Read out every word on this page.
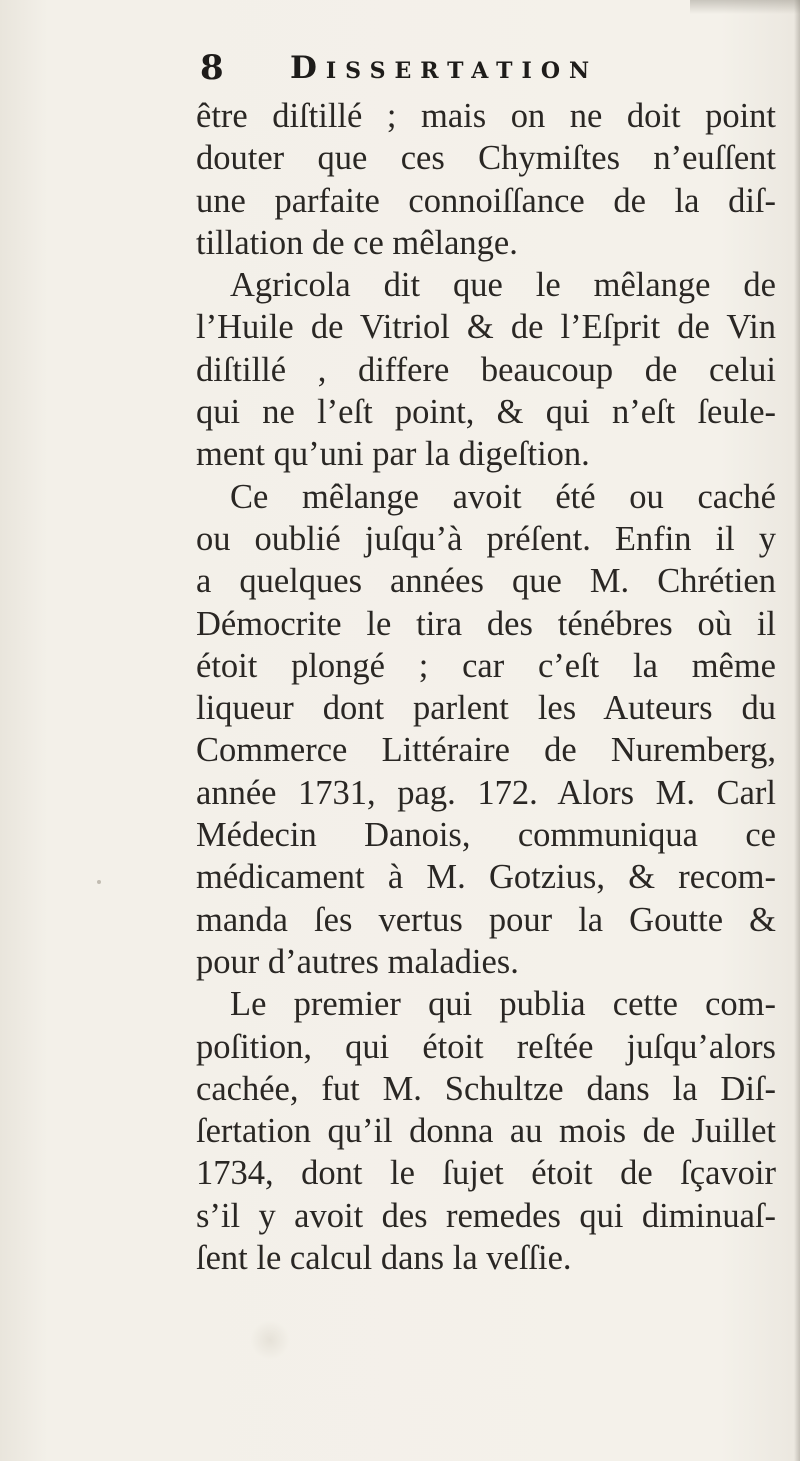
8 Dissertation
être diſtillé ; mais on ne doit point
douter que ces Chymiſtes n’euſſent
une parfaite connoiſſance de la diſ-
tillation de ce mêlange.
Agricola dit que le mêlange de
l’Huile de Vitriol & de l’Eſprit de Vin
diſtillé , differe beaucoup de celui
qui ne l’eſt point, & qui n’eſt ſeule-
ment qu’uni par la digeſtion.
Ce mêlange avoit été ou caché
ou oublié juſqu’à préſent. Enfin il y
a quelques années que M. Chrétien
Démocrite le tira des ténébres où il
étoit plongé ; car c’eſt la même
liqueur dont parlent les Auteurs du
Commerce Littéraire de Nuremberg,
année 1731, pag. 172. Alors M. Carl
Médecin Danois, communiqua ce
médicament à M. Gotzius, & recom-
manda ſes vertus pour la Goutte &
pour d’autres maladies.
Le premier qui publia cette com-
poſition, qui étoit reſtée juſqu’alors
cachée, fut M. Schultze dans la Diſ-
ſertation qu’il donna au mois de Juillet
1734, dont le ſujet étoit de ſçavoir
s’il y avoit des remedes qui diminuaſ-
ſent le calcul dans la veſſie.
